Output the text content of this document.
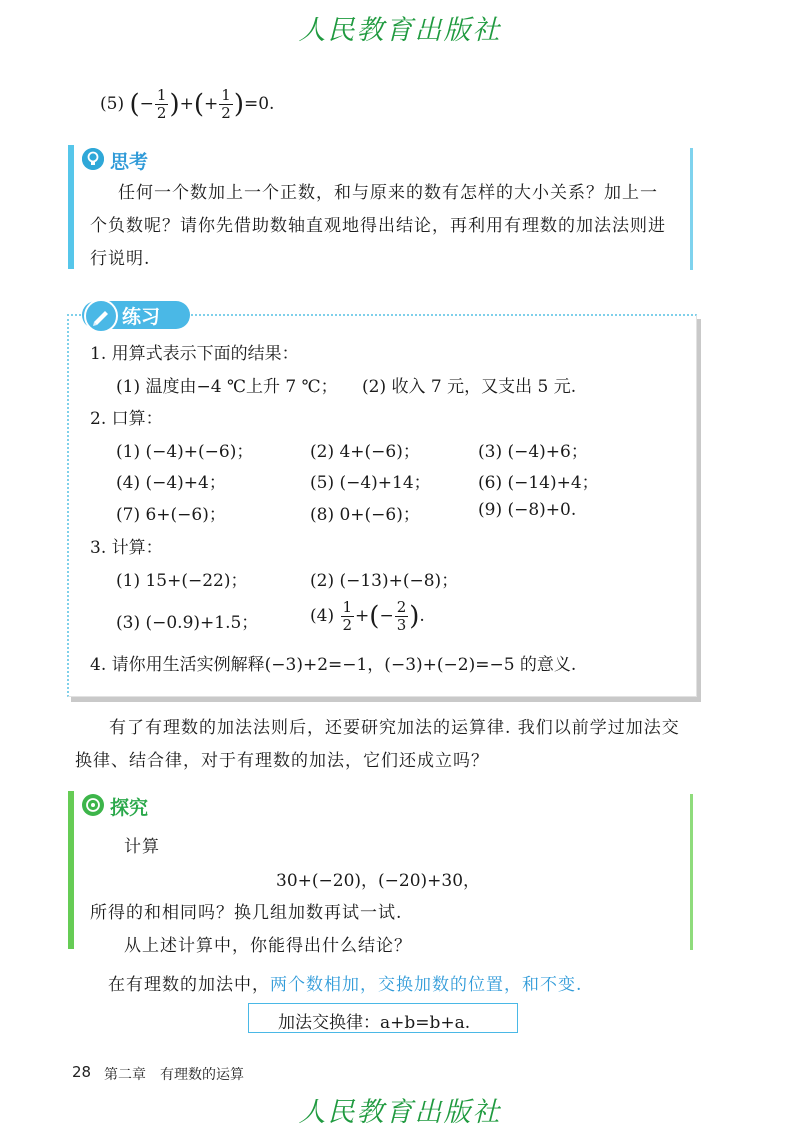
人民教育出版社
(5) (− $\frac{1}{2}$ )+(+ $\frac{1}{2} )=0$.
思考
任何一个数加上一个正数，和与原来的数有怎样的大小关系？加上一
个负数呢？请你先借助数轴直观地得出结论，再利用有理数的加法法则进
行说明.
练习
1. 用算式表示下面的结果：
(1) 温度由−4 ℃上升 7 ℃； (2) 收入 7 元，又支出 5 元.
2. 口算：
(1) (−4)+(−6)；	(2) 4+(−6)；	(3) (−4)+6；
(4) (−4)+4；	(5) (−4)+14；	(6) (−14)+4；
(7) 6+(−6)；	(8) 0+(−6)；	(9) (−8)+0.
3. 计算：
(1) 15+(−22)；	(2) (−13)+(−8)；
(3) (−0.9)+1.5；	$(4) \frac{1}{2}$ +(− $\frac{2}{3}$ ).
4. 请你用生活实例解释(−3)+2=−1，(−3)+(−2)=−5 的意义.
有了有理数的加法法则后，还要研究加法的运算律. 我们以前学过加法交
换律、结合律，对于有理数的加法，它们还成立吗？
探究
计算
30+(−20)，(−20)+30，
所得的和相同吗？换几组加数再试一试.
从上述计算中，你能得出什么结论？
在有理数的加法中，两个数相加，交换加数的位置，和不变.
加法交换律：a+b=b+a.
28 第二章　有理数的运算
人民教育出版社
